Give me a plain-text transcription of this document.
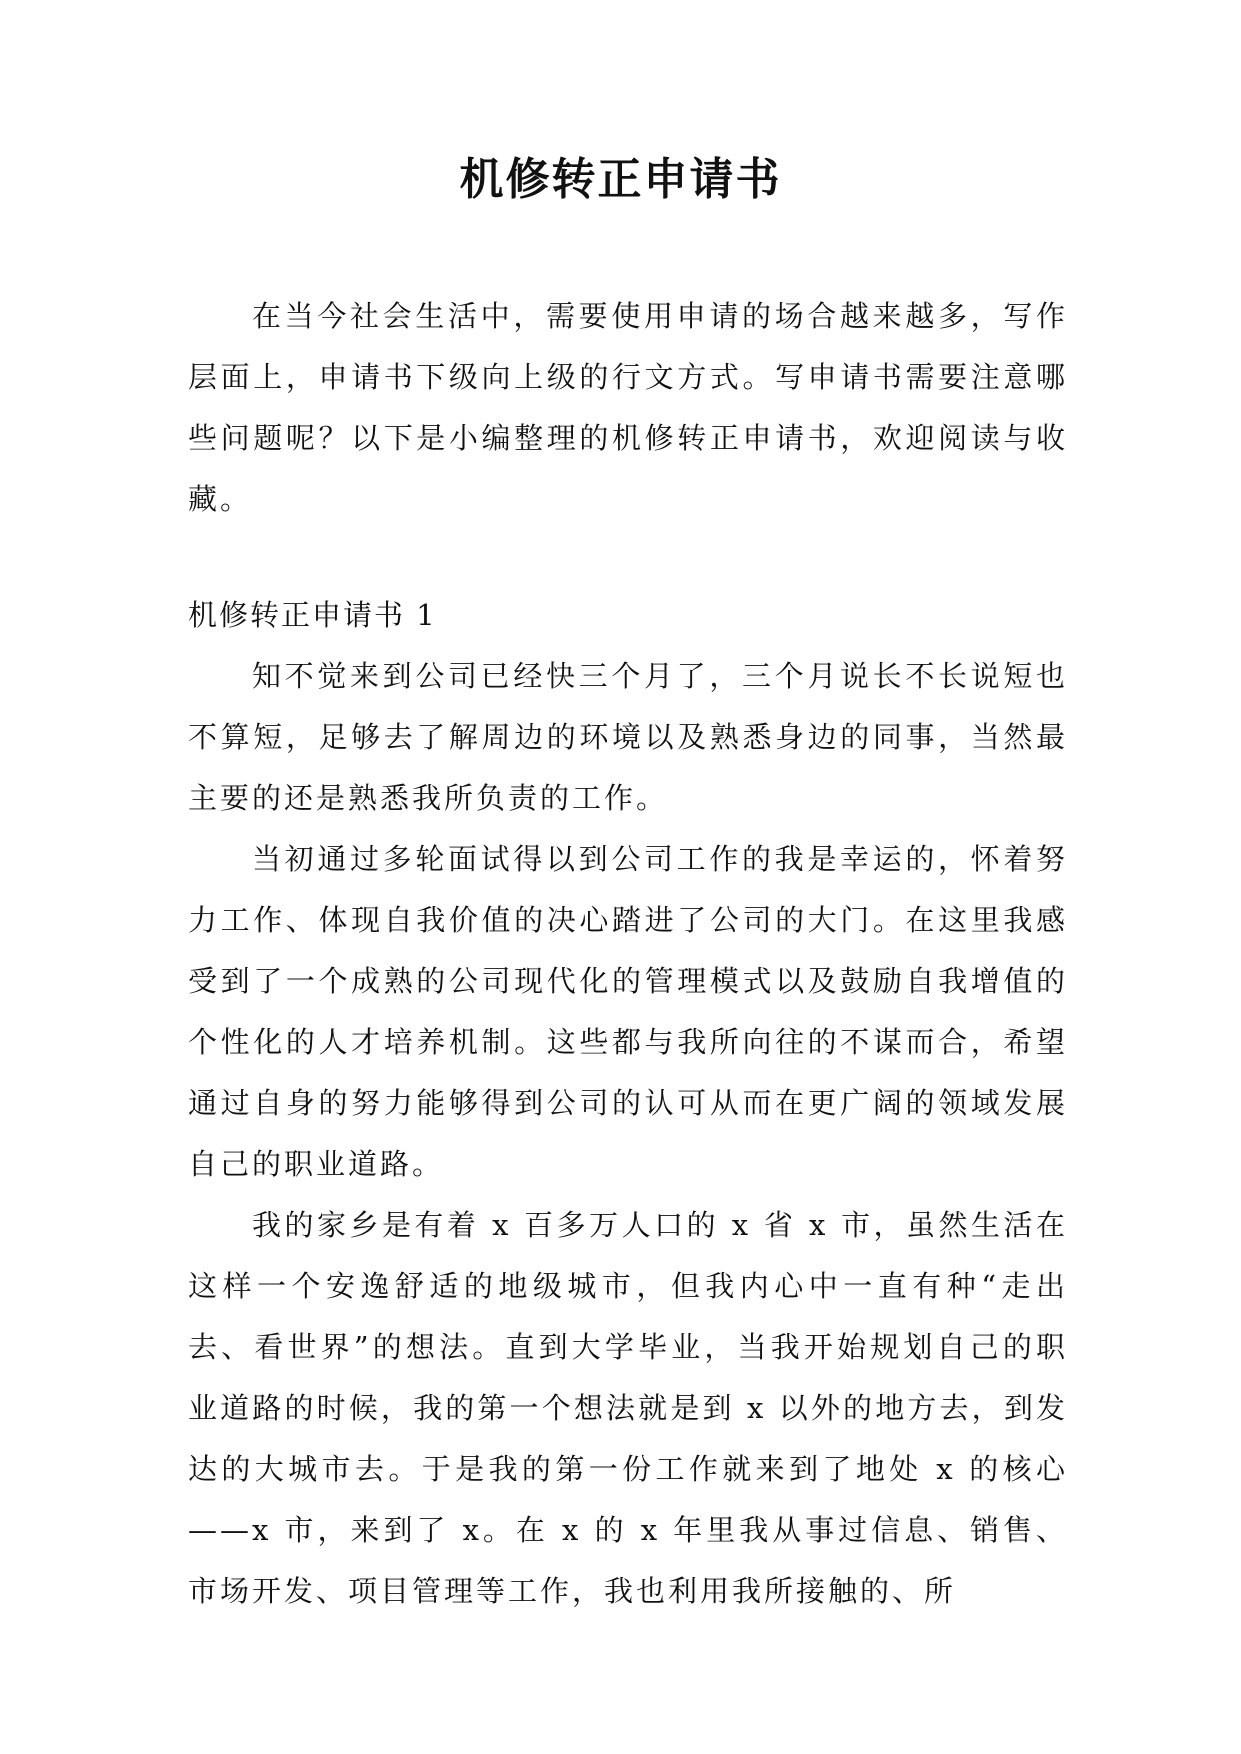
机修转正申请书

在当今社会生活中，需要使用申请的场合越来越多，写作层面上，申请书下级向上级的行文方式。写申请书需要注意哪些问题呢？以下是小编整理的机修转正申请书，欢迎阅读与收藏。

机修转正申请书 1

知不觉来到公司已经快三个月了，三个月说长不长说短也不算短，足够去了解周边的环境以及熟悉身边的同事，当然最主要的还是熟悉我所负责的工作。

当初通过多轮面试得以到公司工作的我是幸运的，怀着努力工作、体现自我价值的决心踏进了公司的大门。在这里我感受到了一个成熟的公司现代化的管理模式以及鼓励自我增值的个性化的人才培养机制。这些都与我所向往的不谋而合，希望通过自身的努力能够得到公司的认可从而在更广阔的领域发展自己的职业道路。

我的家乡是有着 x 百多万人口的 x 省 x 市，虽然生活在这样一个安逸舒适的地级城市，但我内心中一直有种“走出去、看世界”的想法。直到大学毕业，当我开始规划自己的职业道路的时候，我的第一个想法就是到 x 以外的地方去，到发达的大城市去。于是我的第一份工作就来到了地处 x 的核心——x 市，来到了 x。在 x 的 x 年里我从事过信息、销售、市场开发、项目管理等工作，我也利用我所接触的、所
